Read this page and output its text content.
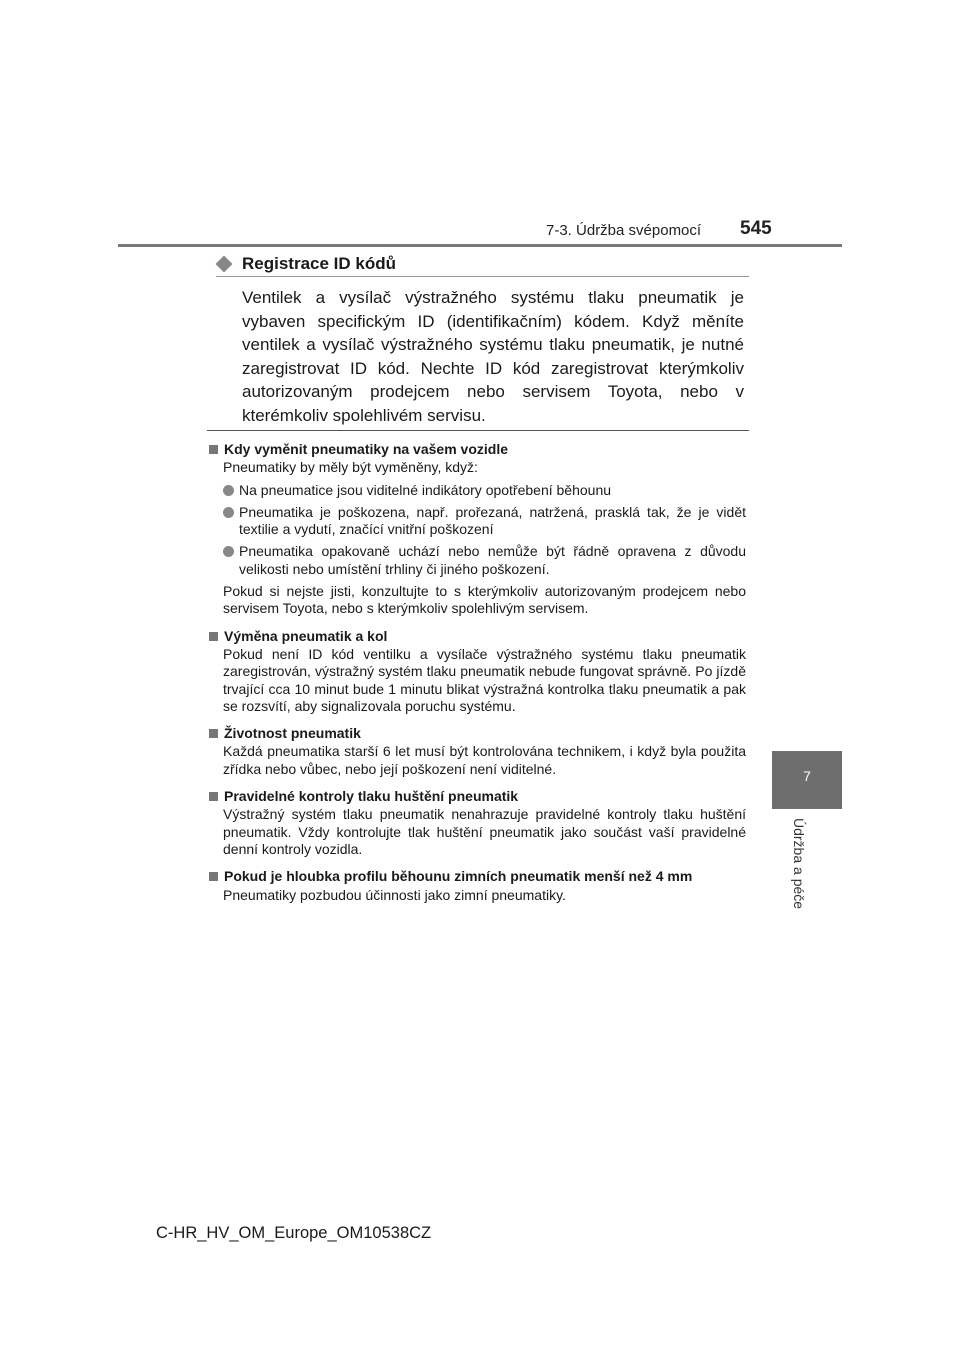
7-3. Údržba svépomocí 545
7
Údržba a péče
Registrace ID kódů
Ventilek a vysílač výstražného systému tlaku pneumatik je vybaven specifickým ID (identifikačním) kódem. Když měníte ventilek a vysílač výstražného systému tlaku pneumatik, je nutné zaregistrovat ID kód. Nechte ID kód zaregistrovat kterýmkoliv autorizovaným prodejcem nebo servisem Toyota, nebo v kterémkoliv spolehlivém servisu.
Kdy vyměnit pneumatiky na vašem vozidle
Pneumatiky by měly být vyměněny, když:
Na pneumatice jsou viditelné indikátory opotřebení běhounu
Pneumatika je poškozena, např. prořezaná, natržená, prasklá tak, že je vidět textilie a vydutí, značící vnitřní poškození
Pneumatika opakovaně uchází nebo nemůže být řádně opravena z důvodu velikosti nebo umístění trhliny či jiného poškození.
Pokud si nejste jisti, konzultujte to s kterýmkoliv autorizovaným prodejcem nebo servisem Toyota, nebo s kterýmkoliv spolehlivým servisem.
Výměna pneumatik a kol
Pokud není ID kód ventilku a vysílače výstražného systému tlaku pneumatik zaregistrován, výstražný systém tlaku pneumatik nebude fungovat správně. Po jízdě trvající cca 10 minut bude 1 minutu blikat výstražná kontrolka tlaku pneumatik a pak se rozsvítí, aby signalizovala poruchu systému.
Životnost pneumatik
Každá pneumatika starší 6 let musí být kontrolována technikem, i když byla použita zřídka nebo vůbec, nebo její poškození není viditelné.
Pravidelné kontroly tlaku huštění pneumatik
Výstražný systém tlaku pneumatik nenahrazuje pravidelné kontroly tlaku huštění pneumatik. Vždy kontrolujte tlak huštění pneumatik jako součást vaší pravidelné denní kontroly vozidla.
Pokud je hloubka profilu běhounu zimních pneumatik menší než 4 mm
Pneumatiky pozbudou účinnosti jako zimní pneumatiky.
C-HR_HV_OM_Europe_OM10538CZ
